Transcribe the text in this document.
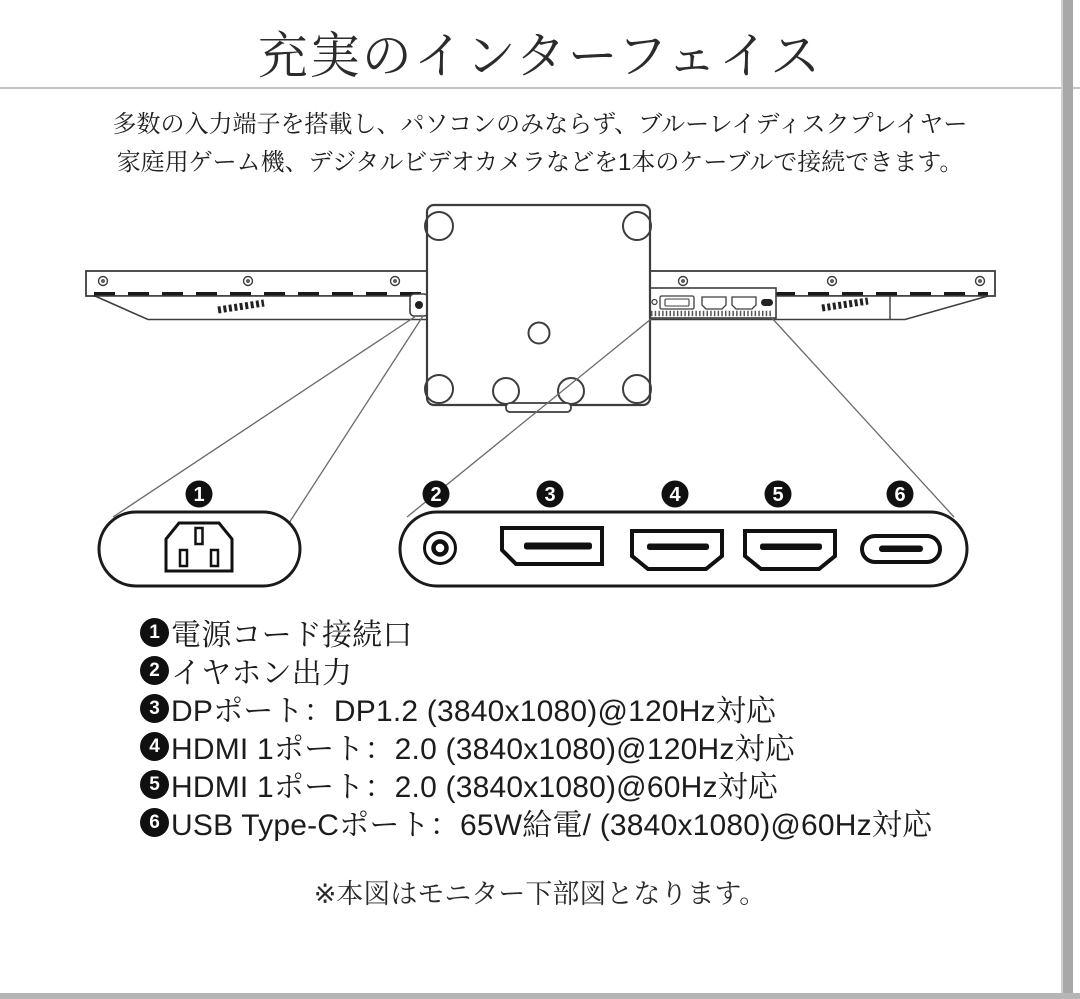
充実のインターフェイス
多数の入力端子を搭載し、パソコンのみならず、ブルーレイディスクプレイヤー
家庭用ゲーム機、デジタルビデオカメラなどを1本のケーブルで接続できます。
1	2	3	4	5	6
1 電源コード接続口
2 イヤホン出力
3 DPポート：DP1.2 (3840x1080)@120Hz対応
4 HDMI 1ポート：2.0 (3840x1080)@120Hz対応
5 HDMI 1ポート：2.0 (3840x1080)@60Hz対応
6 USB Type-Cポート：65W給電/ (3840x1080)@60Hz対応
※本図はモニター下部図となります。
